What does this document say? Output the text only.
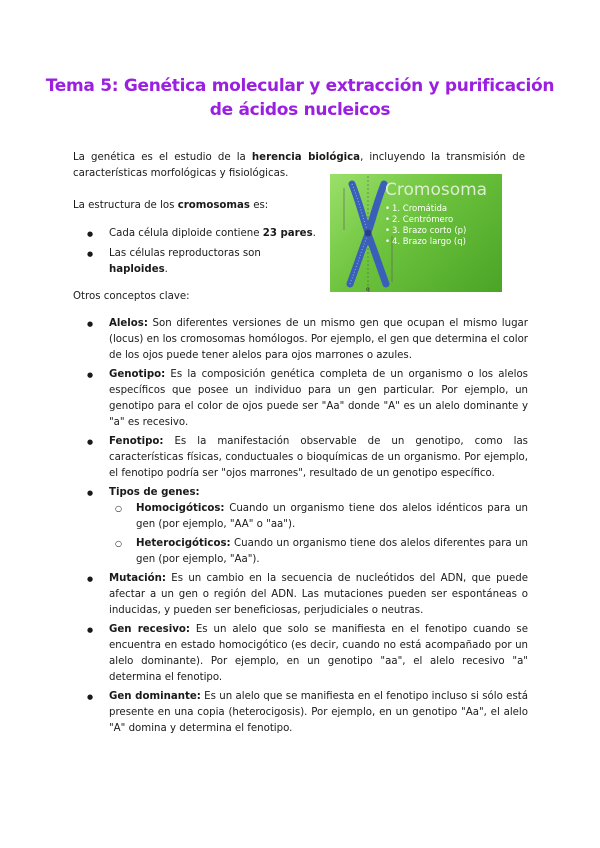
Tema 5: Genética molecular y extracción y purificación de ácidos nucleicos
La genética es el estudio de la herencia biológica, incluyendo la transmisión de características morfológicas y fisiológicas.
La estructura de los cromosomas es:
● Cada célula diploide contiene 23 pares.
● Las células reproductoras son haploides.
q
Cromosoma
• 1. Cromátida
• 2. Centrómero
• 3. Brazo corto (p)
• 4. Brazo largo (q)
Otros conceptos clave:
● Alelos: Son diferentes versiones de un mismo gen que ocupan el mismo lugar (locus) en los cromosomas homólogos. Por ejemplo, el gen que determina el color de los ojos puede tener alelos para ojos marrones o azules.
● Genotipo: Es la composición genética completa de un organismo o los alelos específicos que posee un individuo para un gen particular. Por ejemplo, un genotipo para el color de ojos puede ser "Aa" donde "A" es un alelo dominante y "a" es recesivo.
● Fenotipo: Es la manifestación observable de un genotipo, como las características físicas, conductuales o bioquímicas de un organismo. Por ejemplo, el fenotipo podría ser "ojos marrones", resultado de un genotipo específico.
● Tipos de genes:
○ Homocigóticos: Cuando un organismo tiene dos alelos idénticos para un gen (por ejemplo, "AA" o "aa").
○ Heterocigóticos: Cuando un organismo tiene dos alelos diferentes para un gen (por ejemplo, "Aa").
● Mutación: Es un cambio en la secuencia de nucleótidos del ADN, que puede afectar a un gen o región del ADN. Las mutaciones pueden ser espontáneas o inducidas, y pueden ser beneficiosas, perjudiciales o neutras.
● Gen recesivo: Es un alelo que solo se manifiesta en el fenotipo cuando se encuentra en estado homocigótico (es decir, cuando no está acompañado por un alelo dominante). Por ejemplo, en un genotipo "aa", el alelo recesivo "a" determina el fenotipo.
● Gen dominante: Es un alelo que se manifiesta en el fenotipo incluso si sólo está presente en una copia (heterocigosis). Por ejemplo, en un genotipo "Aa", el alelo "A" domina y determina el fenotipo.
